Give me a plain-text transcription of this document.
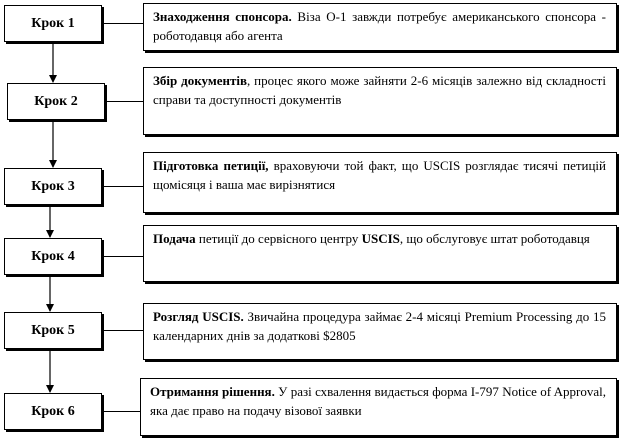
Крок 1	Знаходження спонсора. Віза О-1 завжди потребує американського спонсора - роботодавця або агента
Крок 2
Збір документів, процес якого може зайняти 2-6 місяців залежно від складності справи та доступності документів
Крок 3
Підготовка петиції, враховуючи той факт, що USCIS розглядає тисячі петицій щомісяця і ваша має вирізнятися
Крок 4
Подача петиції до сервісного центру USCIS, що обслуговує штат роботодавця
Крок 5
Розгляд USCIS. Звичайна процедура займає 2-4 місяці Premium Processing до 15 календарних днів за додаткові $2805
Крок 6
Отримання рішення. У разі схвалення видається форма I-797 Notice of Approval, яка дає право на подачу візової заявки
